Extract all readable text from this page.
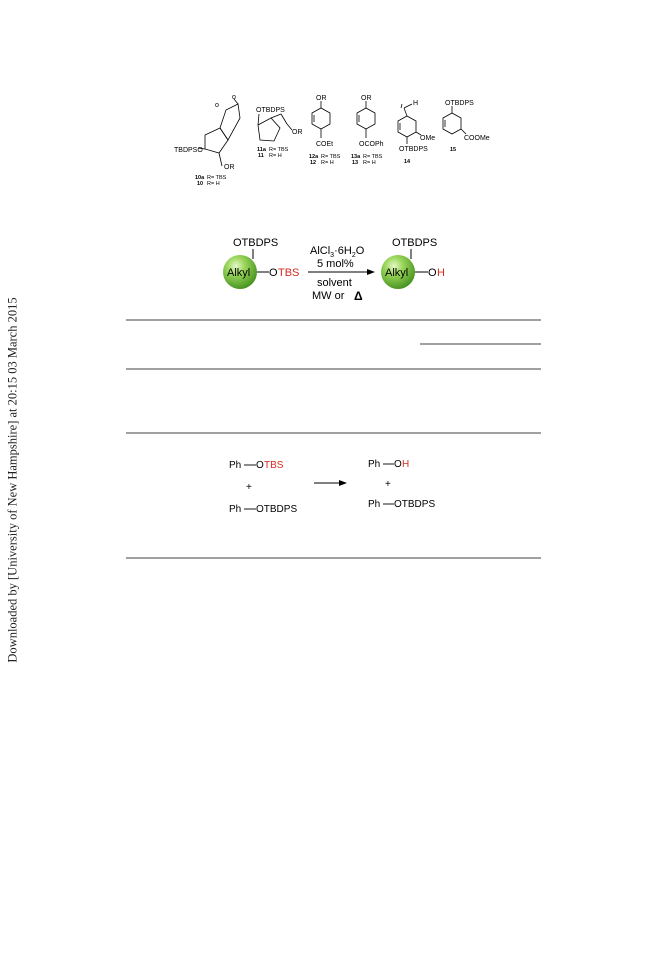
Downloaded by [University of New Hampshire] at 20:15 03 March 2015
o
o
TBDPSO
OR
10a R= TBS
10 R= H
OTBDPS
OR
11a R= TBS
11 R= H
OR
COEt
12a R= TBS
12 R= H
OR
OCOPh
13a R= TBS
13 R= H
H
OMe
OTBDPS
14
OTBDPS
COOMe
15
OTBDPS
Alkyl O TBS
$AlCl_3\cdot 6H_2O$
5 mol%
solvent
MW or Δ
OTBDPS
Alkyl O H
Ph O TBS
+
Ph OTBDPS
Ph O H
+
Ph OTBDPS
